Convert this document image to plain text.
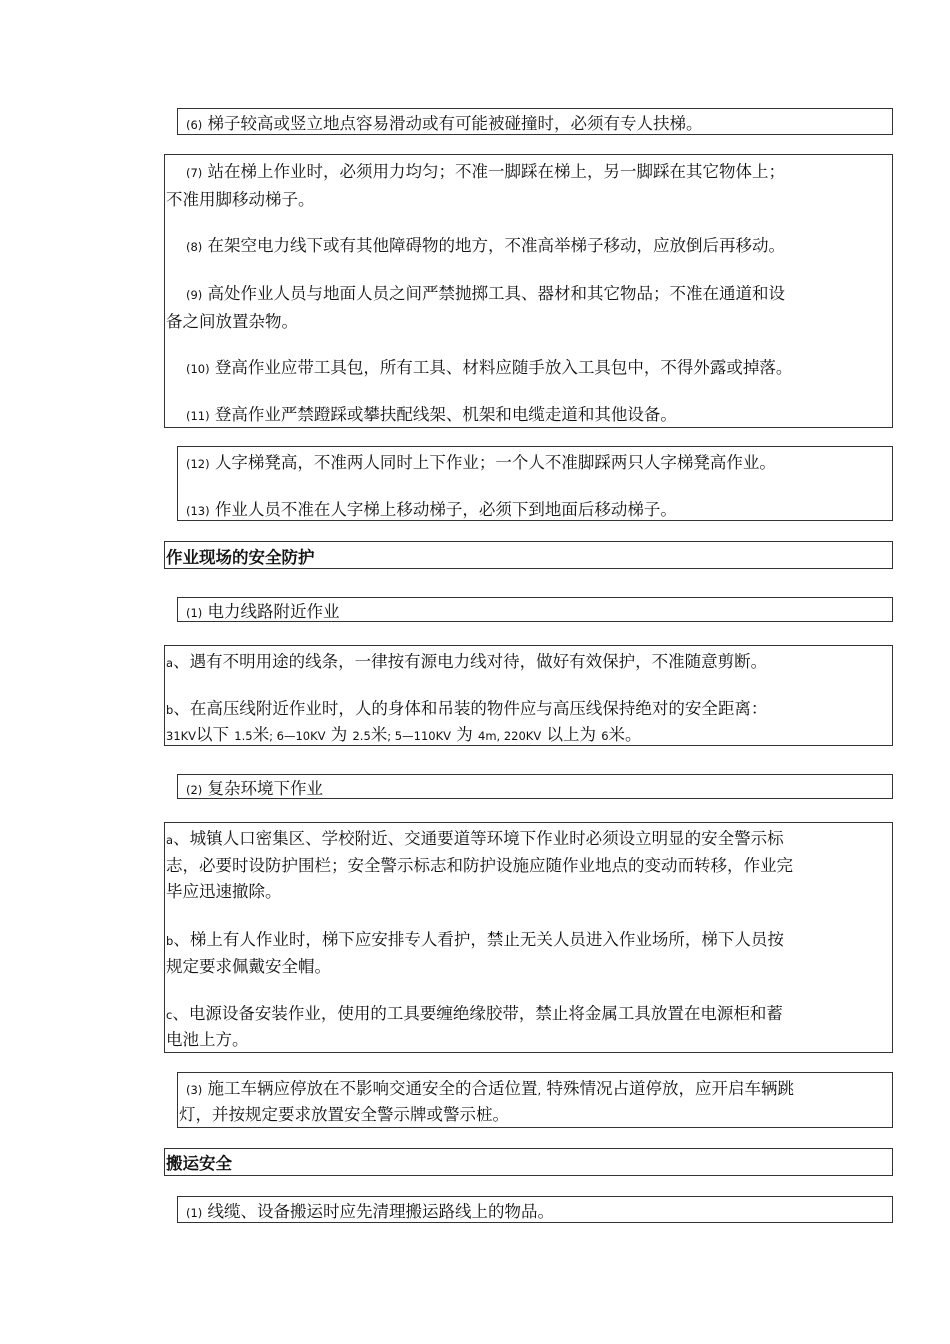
(6) 梯子较高或竖立地点容易滑动或有可能被碰撞时，必须有专人扶梯。
(7) 站在梯上作业时，必须用力均匀；不准一脚踩在梯上，另一脚踩在其它物体上；
不准用脚移动梯子。
(8) 在架空电力线下或有其他障碍物的地方，不准高举梯子移动，应放倒后再移动。
(9) 高处作业人员与地面人员之间严禁抛掷工具、器材和其它物品；不准在通道和设
备之间放置杂物。
(10) 登高作业应带工具包，所有工具、材料应随手放入工具包中，不得外露或掉落。
(11) 登高作业严禁蹬踩或攀扶配线架、机架和电缆走道和其他设备。
(12) 人字梯凳高，不准两人同时上下作业；一个人不准脚踩两只人字梯凳高作业。
(13) 作业人员不准在人字梯上移动梯子，必须下到地面后移动梯子。
作业现场的安全防护
(1) 电力线路附近作业
a、遇有不明用途的线条，一律按有源电力线对待，做好有效保护，不准随意剪断。
b、在高压线附近作业时，人的身体和吊装的物件应与高压线保持绝对的安全距离：
31KV以下 1.5米; 6—10KV 为 2.5米; 5—110KV 为 4m, 220KV 以上为 6米。
(2) 复杂环境下作业
a、城镇人口密集区、学校附近、交通要道等环境下作业时必须设立明显的安全警示标
志，必要时设防护围栏；安全警示标志和防护设施应随作业地点的变动而转移，作业完
毕应迅速撤除。
b、梯上有人作业时，梯下应安排专人看护，禁止无关人员进入作业场所，梯下人员按
规定要求佩戴安全帽。
c、电源设备安装作业，使用的工具要缠绝缘胶带，禁止将金属工具放置在电源柜和蓄
电池上方。
(3) 施工车辆应停放在不影响交通安全的合适位置, 特殊情况占道停放，应开启车辆跳
灯，并按规定要求放置安全警示牌或警示桩。
搬运安全
(1) 线缆、设备搬运时应先清理搬运路线上的物品。
